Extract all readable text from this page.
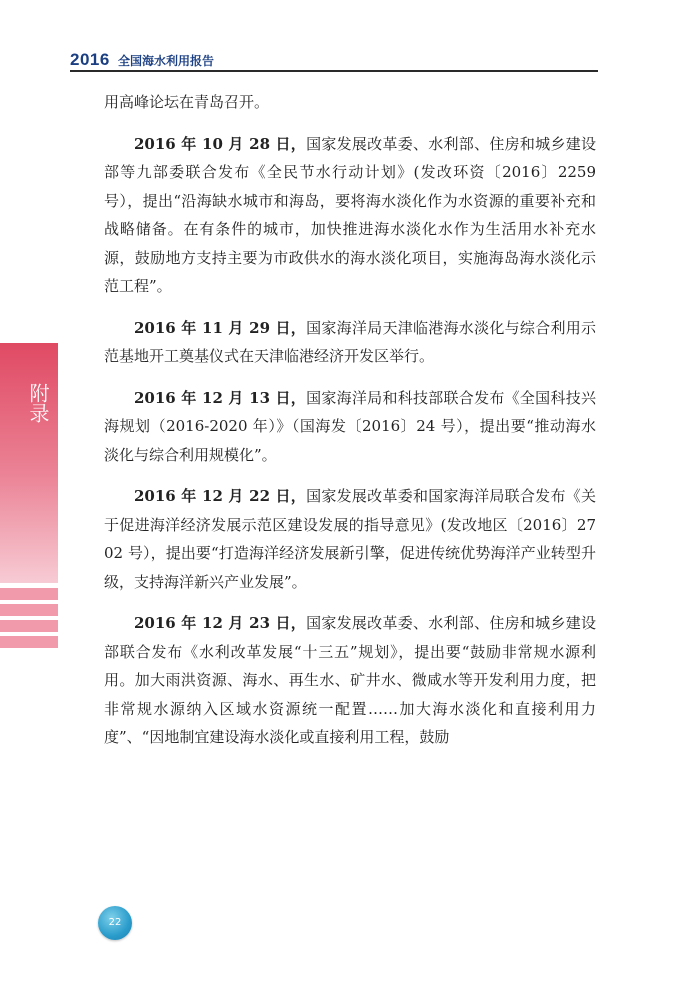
2016 全国海水利用报告
附录

用高峰论坛在青岛召开。

2016 年 10 月 28 日，国家发展改革委、水利部、住房和城乡建设部等九部委联合发布《全民节水行动计划》(发改环资〔2016〕2259 号），提出“沿海缺水城市和海岛，要将海水淡化作为水资源的重要补充和战略储备。在有条件的城市，加快推进海水淡化水作为生活用水补充水源，鼓励地方支持主要为市政供水的海水淡化项目，实施海岛海水淡化示范工程”。

2016 年 11 月 29 日，国家海洋局天津临港海水淡化与综合利用示范基地开工奠基仪式在天津临港经济开发区举行。

2016 年 12 月 13 日，国家海洋局和科技部联合发布《全国科技兴海规划（2016-2020 年）》（国海发〔2016〕24 号），提出要“推动海水淡化与综合利用规模化”。

2016 年 12 月 22 日，国家发展改革委和国家海洋局联合发布《关于促进海洋经济发展示范区建设发展的指导意见》(发改地区〔2016〕2702 号），提出要“打造海洋经济发展新引擎，促进传统优势海洋产业转型升级，支持海洋新兴产业发展”。

2016 年 12 月 23 日，国家发展改革委、水利部、住房和城乡建设部联合发布《水利改革发展“十三五”规划》，提出要“鼓励非常规水源利用。加大雨洪资源、海水、再生水、矿井水、微咸水等开发利用力度，把非常规水源纳入区域水资源统一配置……加大海水淡化和直接利用力度”、“因地制宜建设海水淡化或直接利用工程，鼓励

22
